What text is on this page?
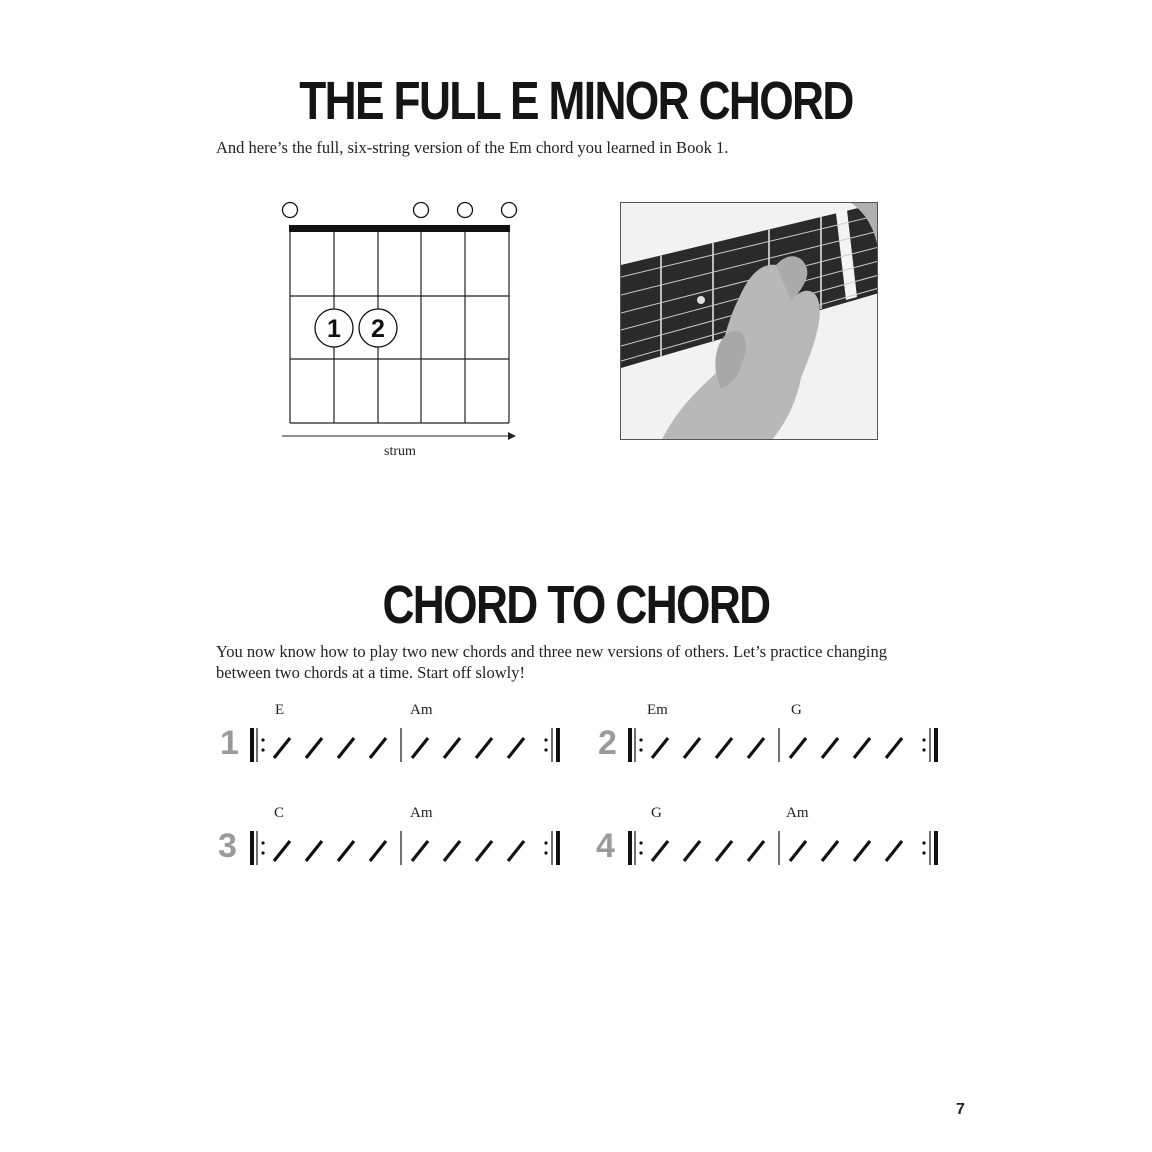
THE FULL E MINOR CHORD

And here’s the full, six-string version of the Em chord you learned in Book 1.

1 2
strum
CHORD TO CHORD

You now know how to play two new chords and three new versions of others. Let’s practice changing

between two chords at a time. Start off slowly!

1
E	Am
2
Em	G
3
C	Am
4
G	Am
7
